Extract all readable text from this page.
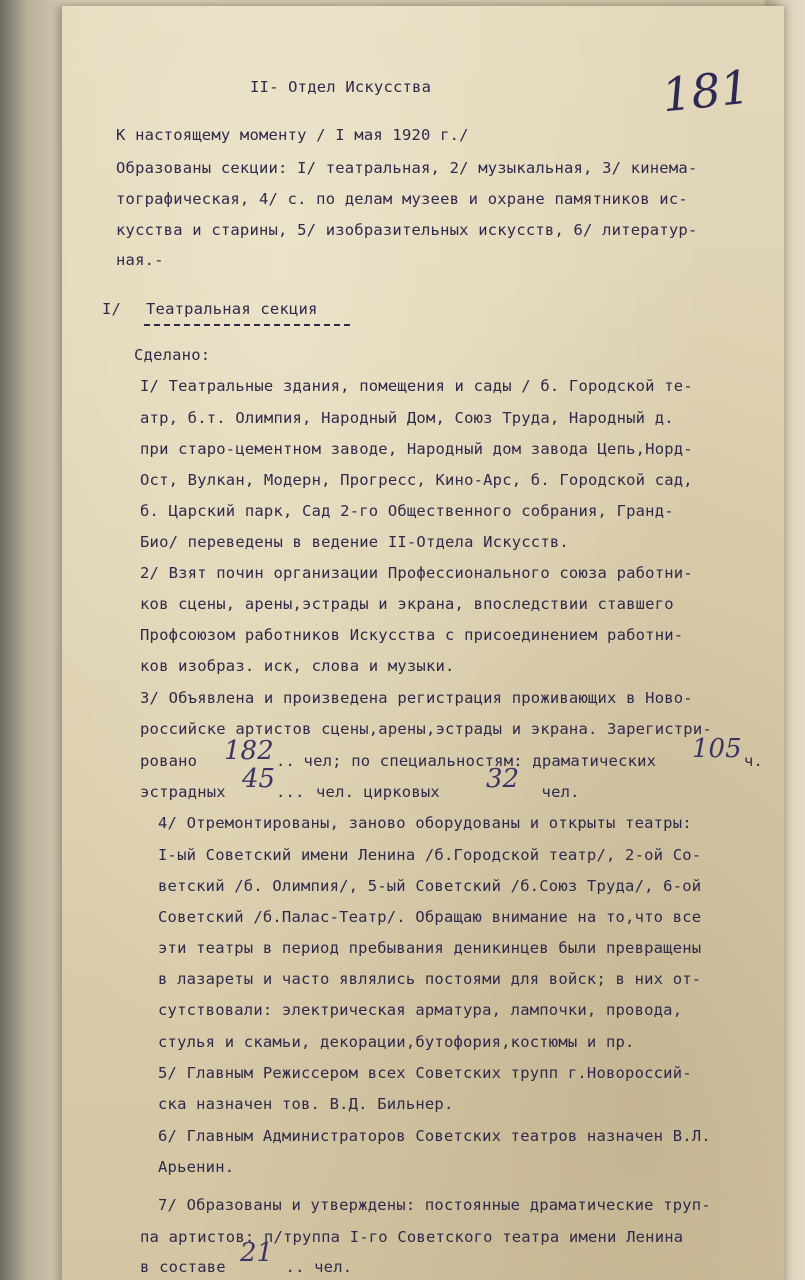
181
II- Отдел Искусства
К настоящему моменту / I мая 1920 г./
Образованы секции: I/ театральная, 2/ музыкальная, 3/ кинема-
тографическая, 4/ с. по делам музеев и охране памятников ис-
кусства и старины, 5/ изобразительных искусств, 6/ литератур-
ная.-
I/ Театральная секция
Сделано:
I/ Театральные здания, помещения и сады / б. Городской те-
атр, б.т. Олимпия, Народный Дом, Союз Труда, Народный д.
при старо-цементном заводе, Народный дом завода Цепь,Норд-
Ост, Вулкан, Модерн, Прогресс, Кино-Арс, б. Городской сад,
б. Царский парк, Сад 2-го Общественного собрания, Гранд-
Био/ переведены в ведение II-Отдела Искусств.
2/ Взят почин организации Профессионального союза работни-
ков сцены, арены,эстрады и экрана, впоследствии ставшего
Профсоюзом работников Искусства с присоединением работни-
ков изобраз. иск, слова и музыки.
3/ Объявлена и произведена регистрация проживающих в Ново-
российске артистов сцены,арены,эстрады и экрана. Зарегистри-
ровано 182 ..
чел; по специальностям: драматических 105 ч.
эстрадных 45 ... чел. цирковых 32 чел.
4/ Отремонтированы, заново оборудованы и открыты театры:
I-ый Советский имени Ленина /б.Городской театр/, 2-ой Со-
ветский /б. Олимпия/, 5-ый Советский /б.Союз Труда/, 6-ой
Советский /б.Палас-Театр/. Обращаю внимание на то,что все
эти театры в период пребывания деникинцев были превращены
в лазареты и часто являлись постоями для войск; в них от-
сутствовали: электрическая арматура, лампочки, провода,
стулья и скамьи, декорации,бутофория,костюмы и пр.
5/ Главным Режиссером всех Советских трупп г.Новороссий-
ска назначен тов. В.Д. Бильнер.
6/ Главным Администраторов Советских театров назначен В.Л.
Арьенин.
7/ Образованы и утверждены: постоянные драматические труп-
па артистов: п/труппа I-го Советского театра имени Ленина
в составе 21 .. чел.
